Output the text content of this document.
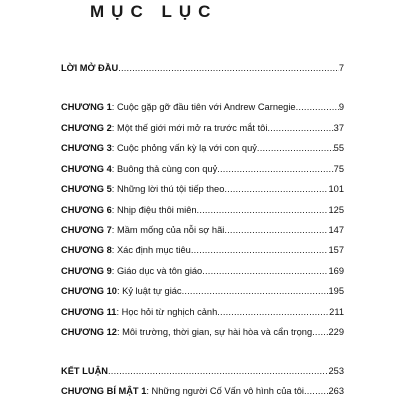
MỤC LỤC
LỜI MỞ ĐẦU .....	7
CHƯƠNG 1 : Cuộc gặp gỡ đầu tiên với Andrew Carnegie .....	9
CHƯƠNG 2 : Một thế giới mới mở ra trước mắt tôi .....	37
CHƯƠNG 3 : Cuộc phỏng vấn kỳ lạ với con quỷ .....	55
CHƯƠNG 4 : Buông thả cùng con quỷ .....	75
CHƯƠNG 5 : Những lời thú tội tiếp theo .....	101
CHƯƠNG 6 : Nhịp điệu thôi miên .....	125
CHƯƠNG 7 : Mầm mống của nỗi sợ hãi .....	147
CHƯƠNG 8 : Xác định mục tiêu .....	157
CHƯƠNG 9 : Giáo dục và tôn giáo .....	169
CHƯƠNG 10 : Kỷ luật tự giác .....	195
CHƯƠNG 11 : Học hỏi từ nghịch cảnh .....	211
CHƯƠNG 12 : Môi trường, thời gian, sự hài hòa và cẩn trọng ..... 229
KẾT LUẬN .....	253
CHƯƠNG BÍ MẬT 1 : Những người Cố Vấn vô hình của tôi .....	263
